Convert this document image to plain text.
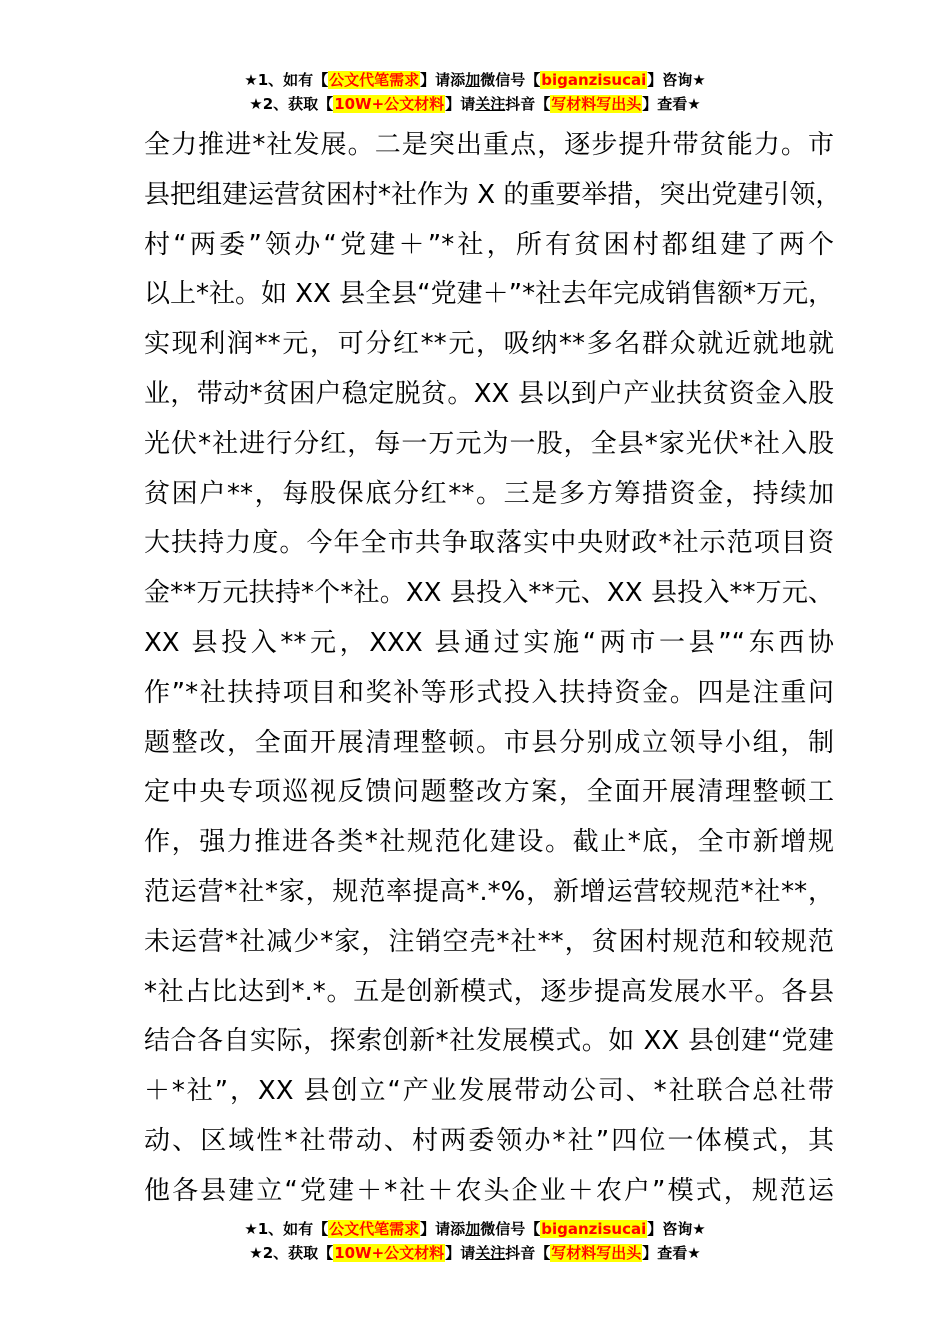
★1、如有【公文代笔需求】请添加微信号【biganzisucai】咨询★
★2、获取【10W+公文材料】请关注抖音【写材料写出头】查看★
全力推进*社发展。二是突出重点，逐步提升带贫能力。市
县把组建运营贫困村*社作为 X 的重要举措，突出党建引领，
村“两委”领办“党建＋”*社，所有贫困村都组建了两个
以上*社。如 XX 县全县“党建＋”*社去年完成销售额*万元，
实现利润**元，可分红**元，吸纳**多名群众就近就地就
业，带动*贫困户稳定脱贫。XX 县以到户产业扶贫资金入股
光伏*社进行分红，每一万元为一股，全县*家光伏*社入股
贫困户**，每股保底分红**。三是多方筹措资金，持续加
大扶持力度。今年全市共争取落实中央财政*社示范项目资
金**万元扶持*个*社。XX 县投入**元、XX 县投入**万元、
XX 县投入**元，XXX 县通过实施“两市一县”“东西协
作”*社扶持项目和奖补等形式投入扶持资金。四是注重问
题整改，全面开展清理整顿。市县分别成立领导小组，制
定中央专项巡视反馈问题整改方案，全面开展清理整顿工
作，强力推进各类*社规范化建设。截止*底，全市新增规
范运营*社*家，规范率提高*.*%，新增运营较规范*社**，
未运营*社减少*家，注销空壳*社**，贫困村规范和较规范
*社占比达到*.*。五是创新模式，逐步提高发展水平。各县
结合各自实际，探索创新*社发展模式。如 XX 县创建“党建
＋*社”，XX 县创立“产业发展带动公司、*社联合总社带
动、区域性*社带动、村两委领办*社”四位一体模式，其
他各县建立“党建＋*社＋农头企业＋农户”模式，规范运
★1、如有【公文代笔需求】请添加微信号【biganzisucai】咨询★
★2、获取【10W+公文材料】请关注抖音【写材料写出头】查看★
